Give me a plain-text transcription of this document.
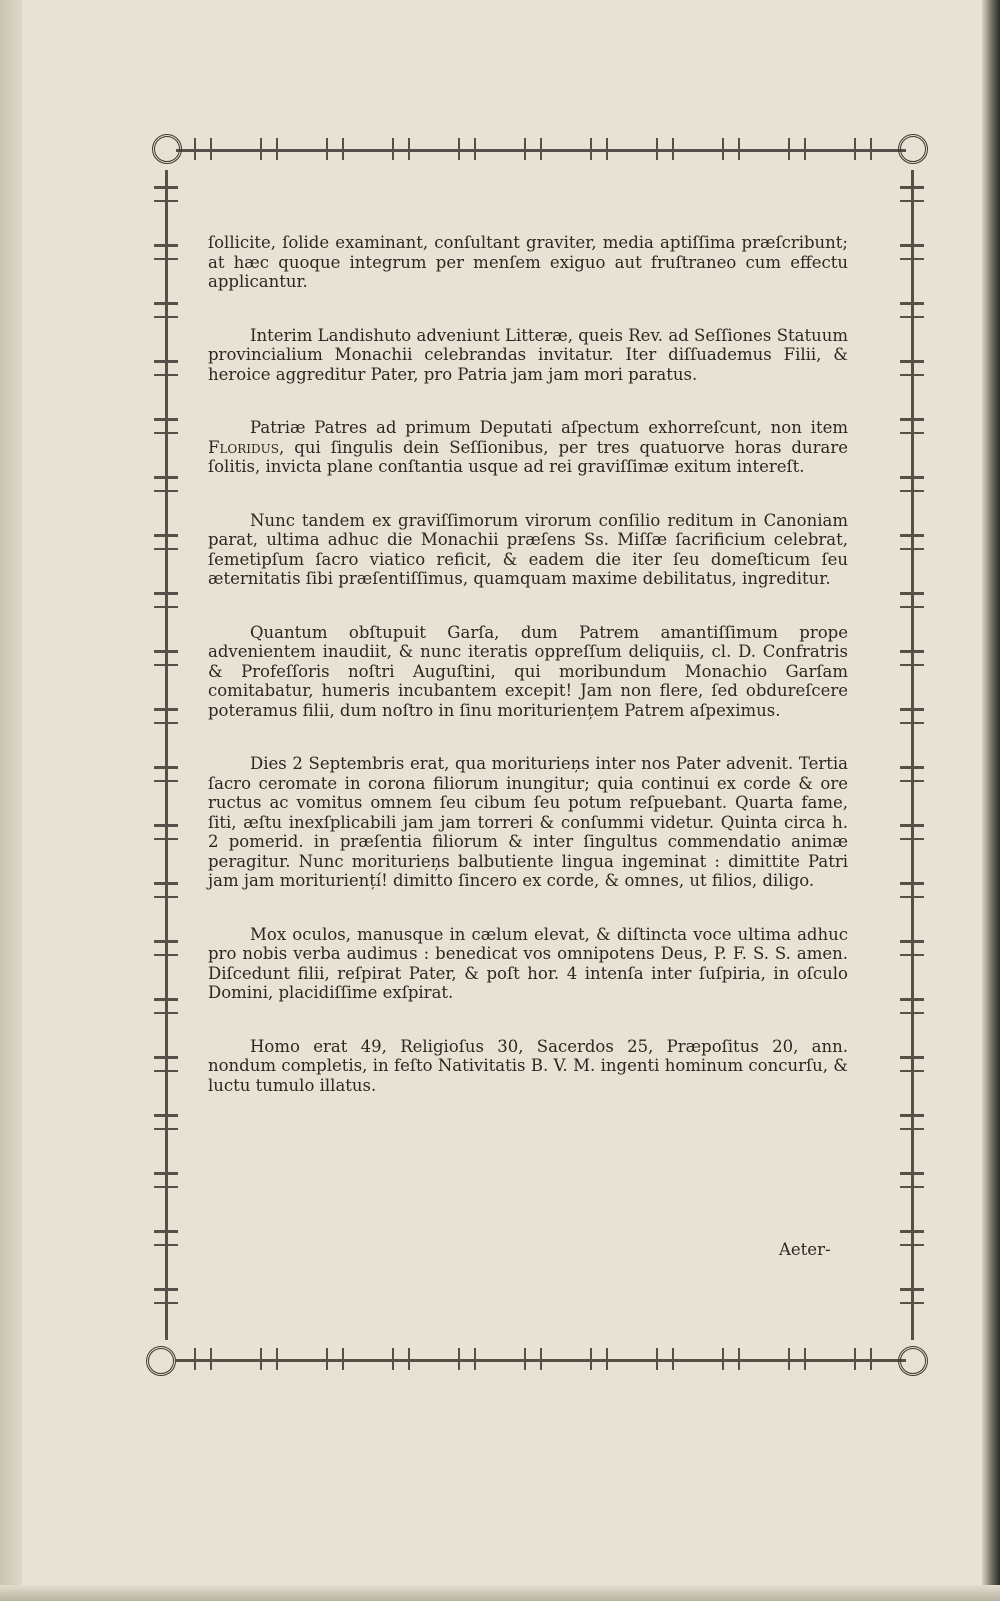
ſollicite, ſolide examinant, conſultant graviter, media aptiſſima præſcribunt; at hæc quoque integrum per menſem exiguo aut fruſtraneo cum effectu applicantur.

Interim Landishuto adveniunt Litteræ, queis Rev. ad Seſſiones Statuum provincialium Monachii celebrandas invitatur. Iter diſſuademus Filii, & heroice aggreditur Pater, pro Patria jam jam mori paratus.

Patriæ Patres ad primum Deputati aſpectum exhorreſcunt, non item Floridus, qui ſingulis dein Seſſionibus, per tres quatuorve horas durare ſolitis, invicta plane conſtantia usque ad rei graviſſimæ exitum intereſt.

Nunc tandem ex graviſſimorum virorum conſilio reditum in Canoniam parat, ultima adhuc die Monachii præſens Ss. Miſſæ ſacrificium celebrat, ſemetipſum ſacro viatico reficit, & eadem die iter ſeu domeſticum ſeu æternitatis ſibi præſentiſſimus, quamquam maxime debilitatus, ingreditur.

Quantum obſtupuit Garſa, dum Patrem amantiſſimum prope advenientem inaudiit, & nunc iteratis oppreſſum deliquiis, cl. D. Confratris & Profeſſoris noſtri Auguſtini, qui moribundum Monachio Garſam comitabatur, humeris incubantem excepit! Jam non flere, ſed obdureſcere poteramus filii, dum noſtro in ſinu morituriențem Patrem aſpeximus.

Dies 2 Septembris erat, qua moriturieņs inter nos Pater advenit. Tertia ſacro ceromate in corona filiorum inungitur; quia continui ex corde & ore ructus ac vomitus omnem ſeu cibum ſeu potum reſpuebant. Quarta fame, ſiti, æſtu inexſplicabili jam jam torreri & conſummi videtur. Quinta circa h. 2 pomerid. in præſentia filiorum & inter ſingultus commendatio animæ peragitur. Nunc moriturieņs balbutiente lingua ingeminat : dimittite Patri jam jam morituriențí! dimitto ſincero ex corde, & omnes, ut filios, diligo.

Mox oculos, manusque in cælum elevat, & diſtincta voce ultima adhuc pro nobis verba audimus : benedicat vos omnipotens Deus, P. F. S. S. amen. Diſcedunt filii, reſpirat Pater, & poſt hor. 4 intenſa inter ſuſpiria, in oſculo Domini, placidiſſime exſpirat.

Homo erat 49, Religioſus 30, Sacerdos 25, Præpoſitus 20, ann. nondum completis, in feſto Nativitatis B. V. M. ingenti hominum concurſu, & luctu tumulo illatus.

Aeter-
